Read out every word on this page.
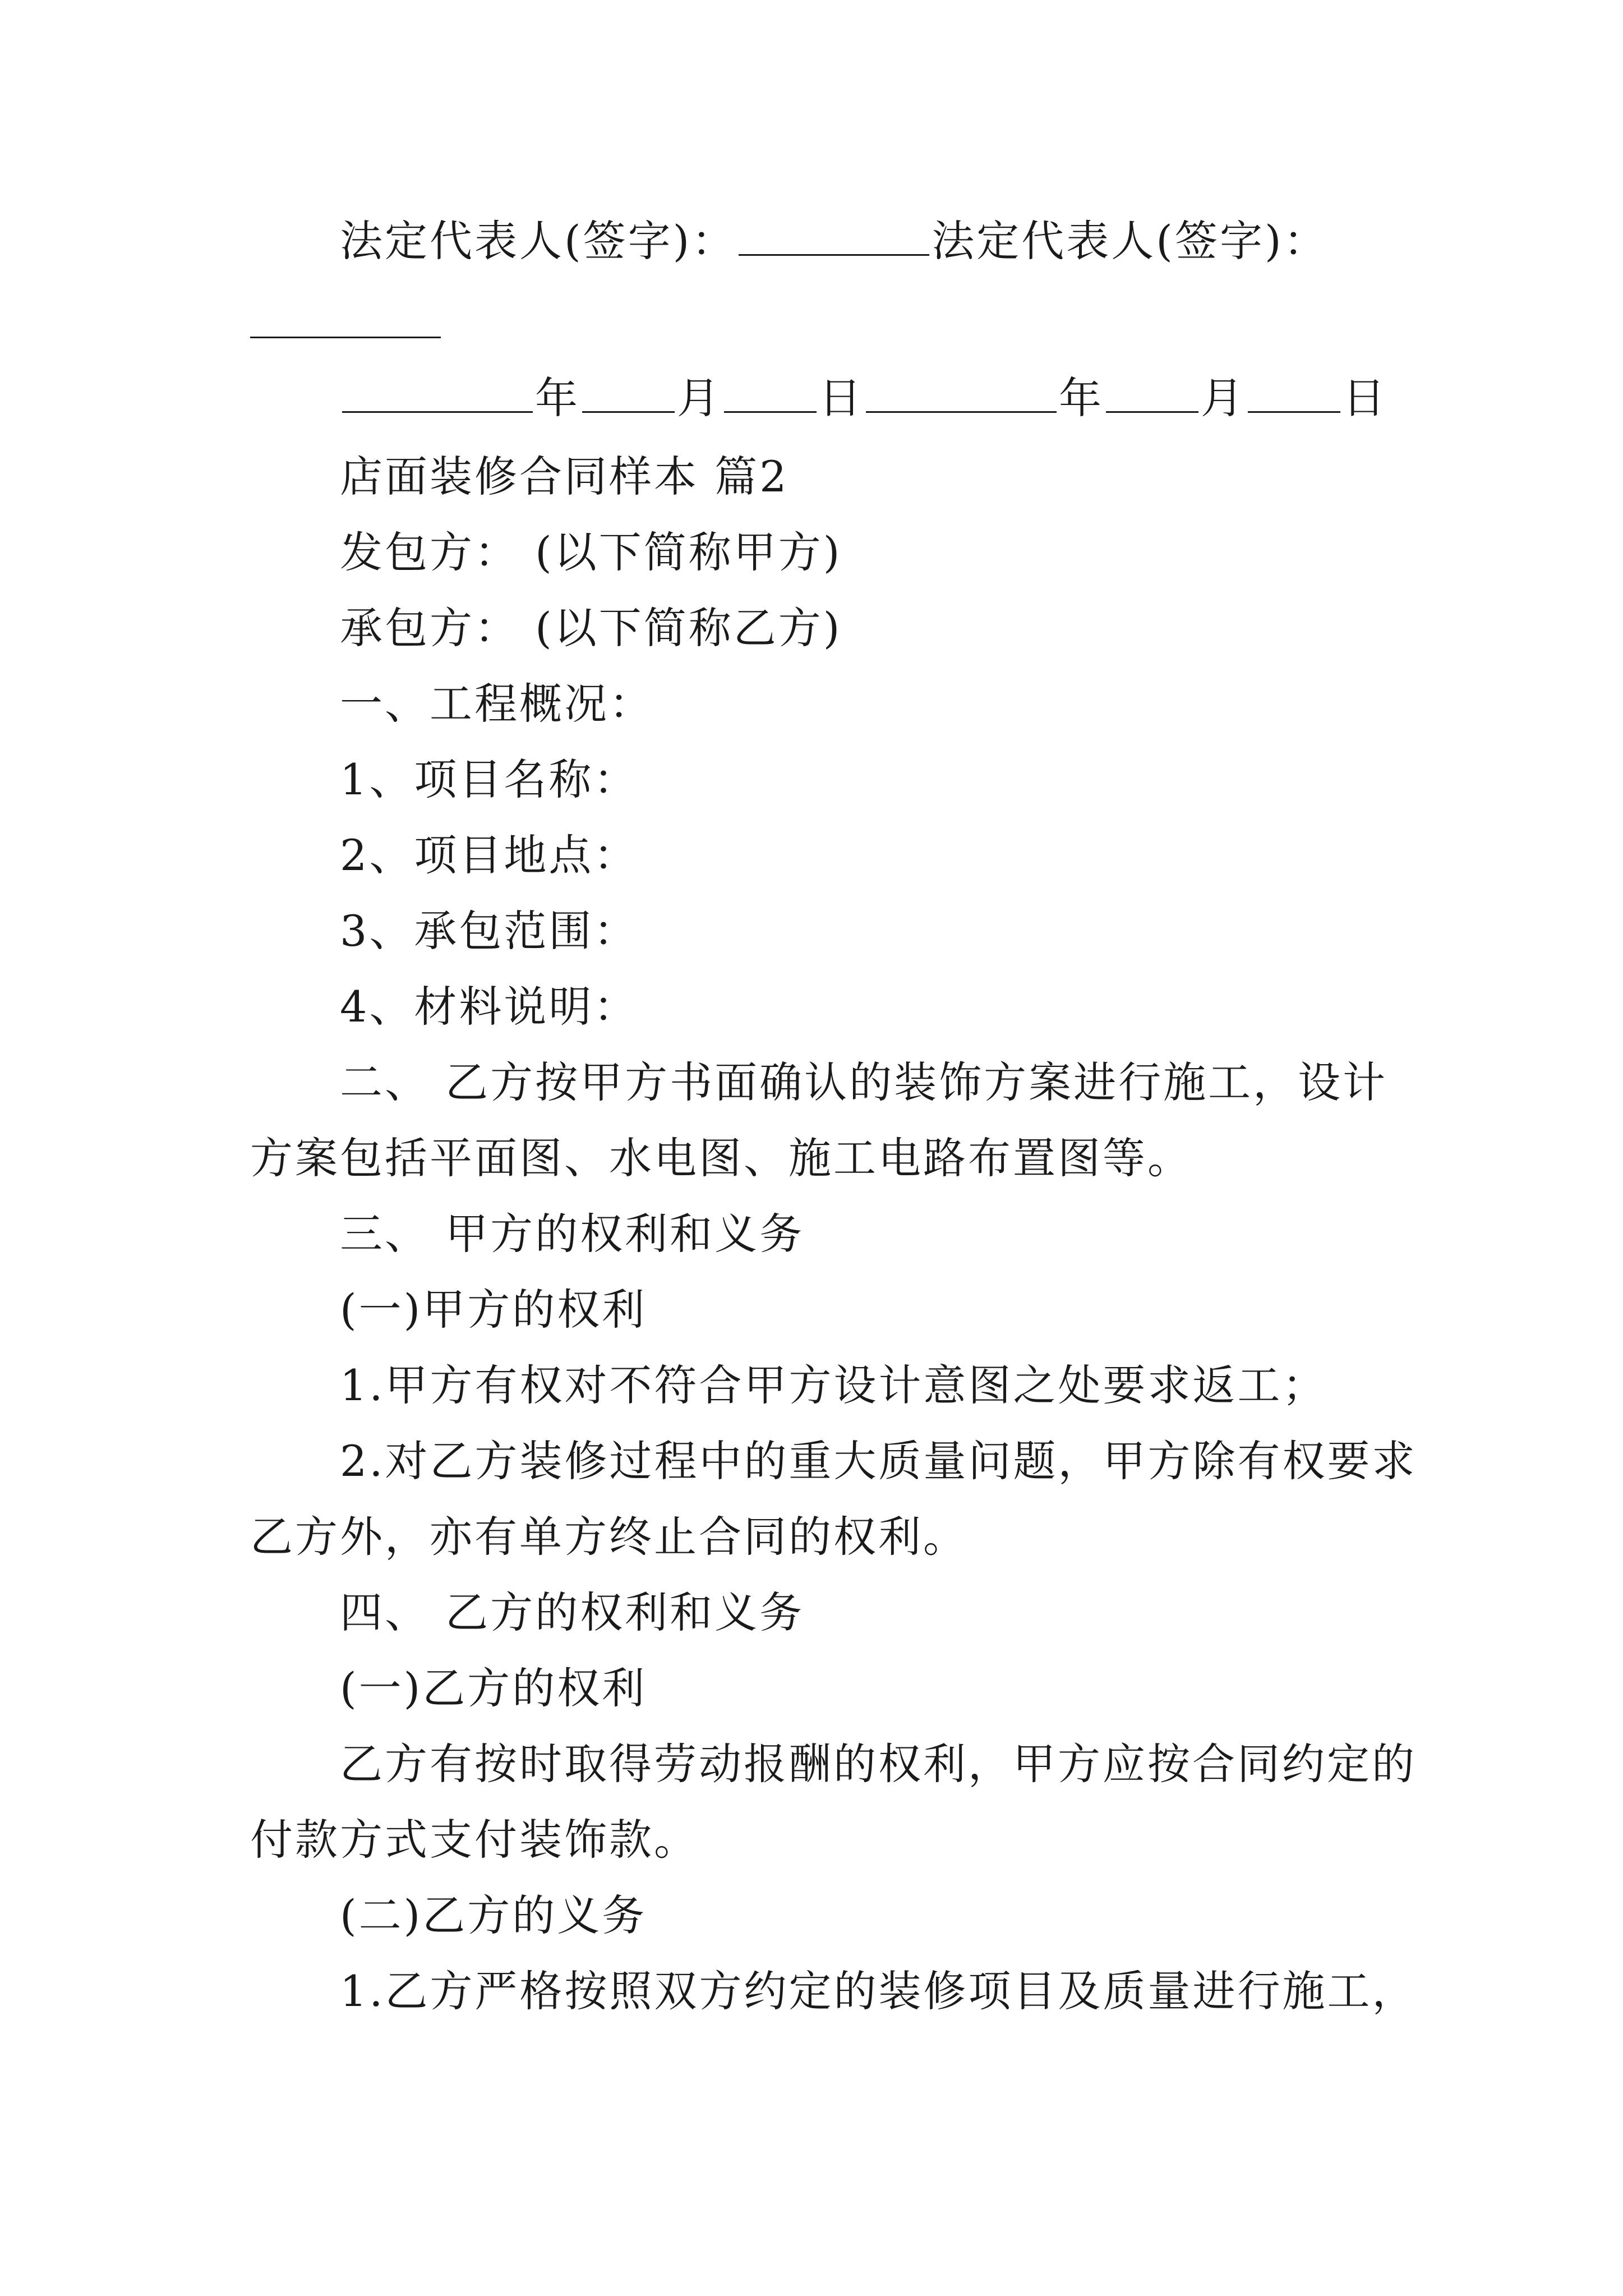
法定代表人(签字)：	法定代表人(签字)：
年 月 日	年 月 日
店面装修合同样本 篇2
发包方： (以下简称甲方)
承包方： (以下简称乙方)
一、工程概况：
1、项目名称：
2、项目地点：
3、承包范围：
4、材料说明：
二、 乙方按甲方书面确认的装饰方案进行施工，设计
方案包括平面图、水电图、施工电路布置图等。
三、 甲方的权利和义务
(一)甲方的权利
1.甲方有权对不符合甲方设计意图之处要求返工；
2.对乙方装修过程中的重大质量问题，甲方除有权要求
乙方外，亦有单方终止合同的权利。
四、 乙方的权利和义务
(一)乙方的权利
乙方有按时取得劳动报酬的权利，甲方应按合同约定的
付款方式支付装饰款。
(二)乙方的义务
1.乙方严格按照双方约定的装修项目及质量进行施工，
